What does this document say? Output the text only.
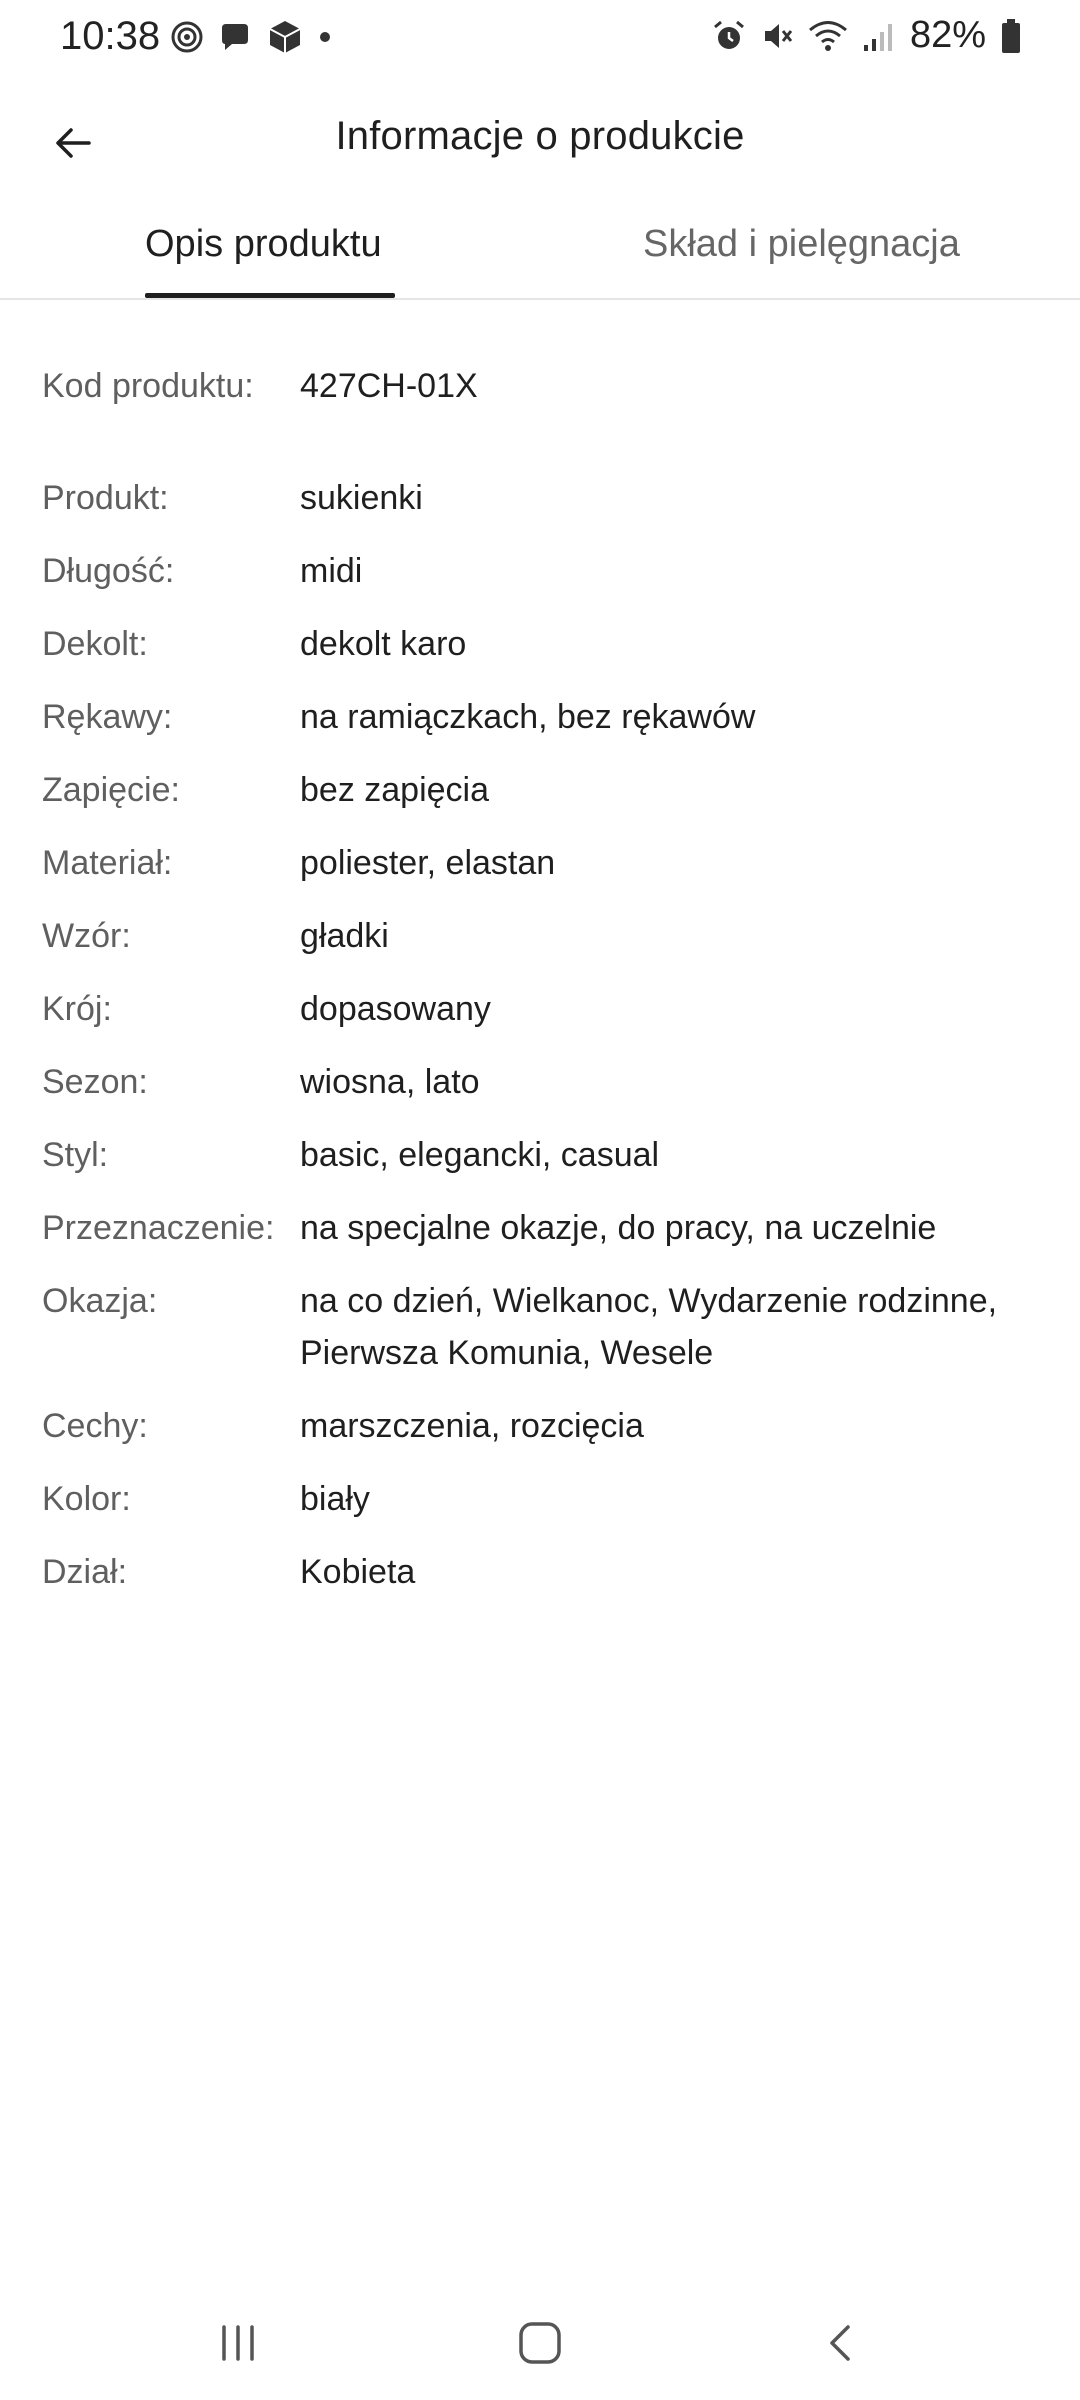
10:38	82%
Informacje o produkcie
Opis produktu	Skład i pielęgnacja
Kod produktu:	427CH-01X
Produkt:	sukienki
Długość:	midi
Dekolt:	dekolt karo
Rękawy:	na ramiączkach, bez rękawów
Zapięcie:	bez zapięcia
Materiał:	poliester, elastan
Wzór:	gładki
Krój:	dopasowany
Sezon:	wiosna, lato
Styl:	basic, elegancki, casual
Przeznaczenie: na specjalne okazje, do pracy, na uczelnie
Okazja:	na co dzień, Wielkanoc, Wydarzenie rodzinne, Pierwsza Komunia, Wesele
Cechy:	marszczenia, rozcięcia
Kolor:	biały
Dział:	Kobieta
